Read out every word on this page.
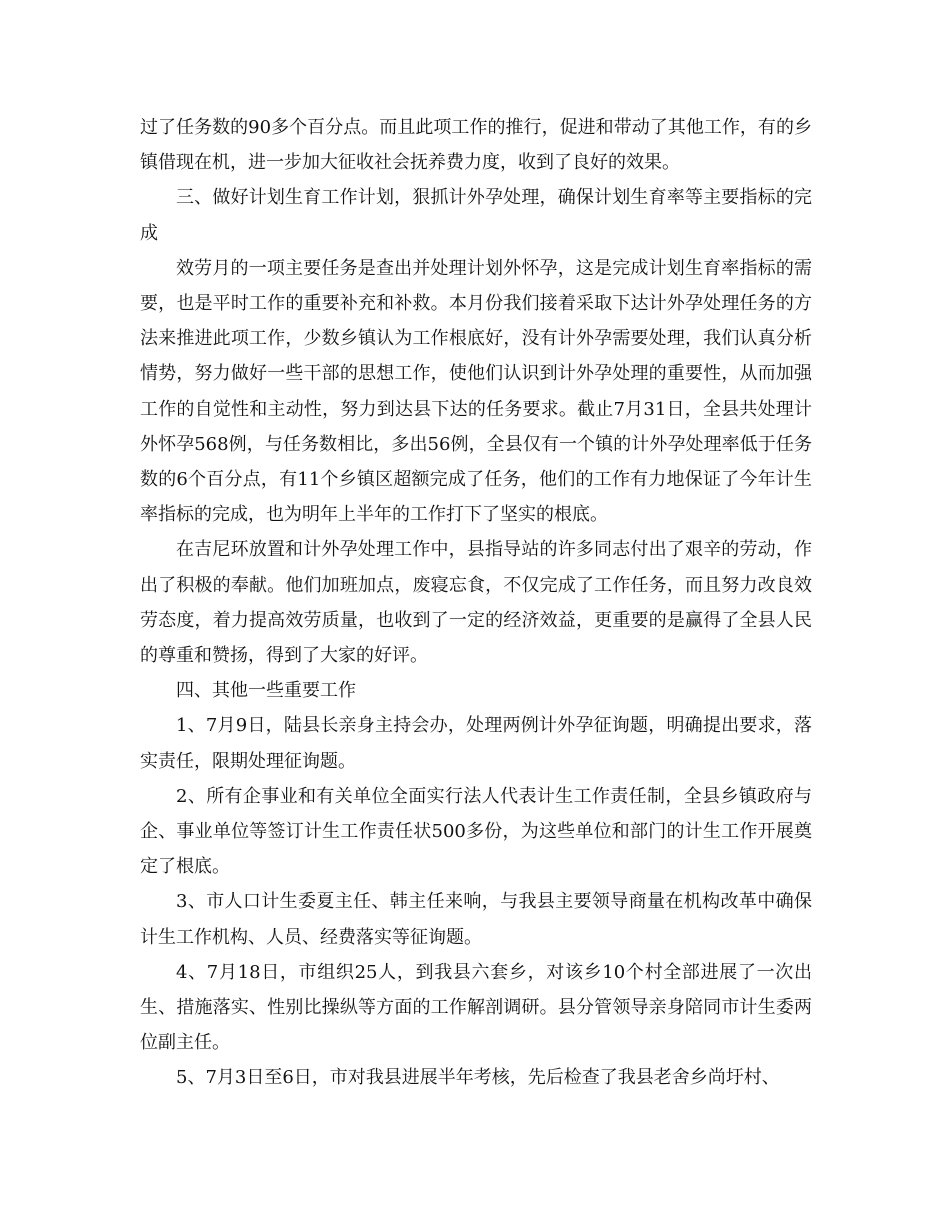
过了任务数的90多个百分点。而且此项工作的推行，促进和带动了其他工作，有的乡镇借现在机，进一步加大征收社会抚养费力度，收到了良好的效果。

三、做好计划生育工作计划，狠抓计外孕处理，确保计划生育率等主要指标的完成

效劳月的一项主要任务是查出并处理计划外怀孕，这是完成计划生育率指标的需要，也是平时工作的重要补充和补救。本月份我们接着采取下达计外孕处理任务的方法来推进此项工作，少数乡镇认为工作根底好，没有计外孕需要处理，我们认真分析情势，努力做好一些干部的思想工作，使他们认识到计外孕处理的重要性，从而加强工作的自觉性和主动性，努力到达县下达的任务要求。截止7月31日，全县共处理计外怀孕568例，与任务数相比，多出56例，全县仅有一个镇的计外孕处理率低于任务数的6个百分点，有11个乡镇区超额完成了任务，他们的工作有力地保证了今年计生率指标的完成，也为明年上半年的工作打下了坚实的根底。

在吉尼环放置和计外孕处理工作中，县指导站的许多同志付出了艰辛的劳动，作出了积极的奉献。他们加班加点，废寝忘食，不仅完成了工作任务，而且努力改良效劳态度，着力提高效劳质量，也收到了一定的经济效益，更重要的是赢得了全县人民的尊重和赞扬，得到了大家的好评。

四、其他一些重要工作

1、7月9日，陆县长亲身主持会办，处理两例计外孕征询题，明确提出要求，落实责任，限期处理征询题。

2、所有企事业和有关单位全面实行法人代表计生工作责任制，全县乡镇政府与企、事业单位等签订计生工作责任状500多份，为这些单位和部门的计生工作开展奠定了根底。

3、市人口计生委夏主任、韩主任来响，与我县主要领导商量在机构改革中确保计生工作机构、人员、经费落实等征询题。

4、7月18日，市组织25人，到我县六套乡，对该乡10个村全部进展了一次出生、措施落实、性别比操纵等方面的工作解剖调研。县分管领导亲身陪同市计生委两位副主任。

5、7月3日至6日，市对我县进展半年考核，先后检查了我县老舍乡尚圩村、
